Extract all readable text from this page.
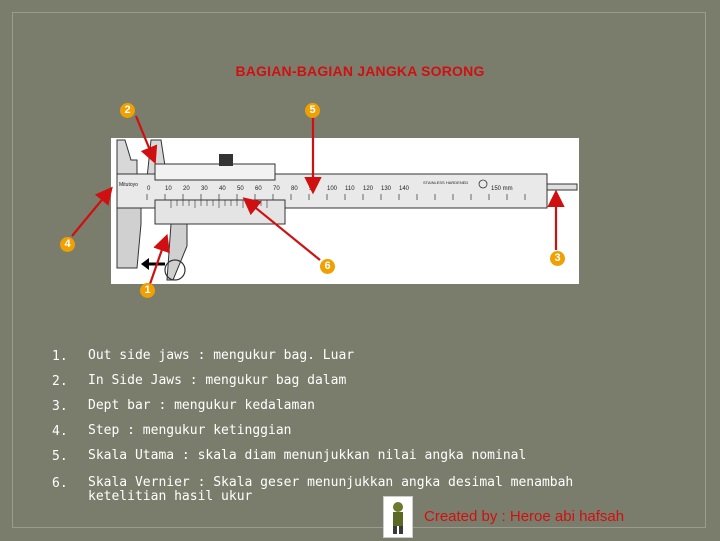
BAGIAN-BAGIAN JANGKA SORONG
0 10 20 30 40 50 60 70 80 90 100 110 120 130 140	150 mm
Mitutoyo	STAINLESS HARDENED
2	5
4
6
3
1
1.	Out side jaws : mengukur bag. Luar
2.	In Side Jaws : mengukur bag dalam
3.	Dept bar : mengukur kedalaman
4.	Step : mengukur ketinggian
5.	Skala Utama : skala diam menunjukkan nilai angka nominal
6.	Skala Vernier : Skala geser menunjukkan angka desimal menambah ketelitian hasil ukur
Created by : Heroe abi hafsah
